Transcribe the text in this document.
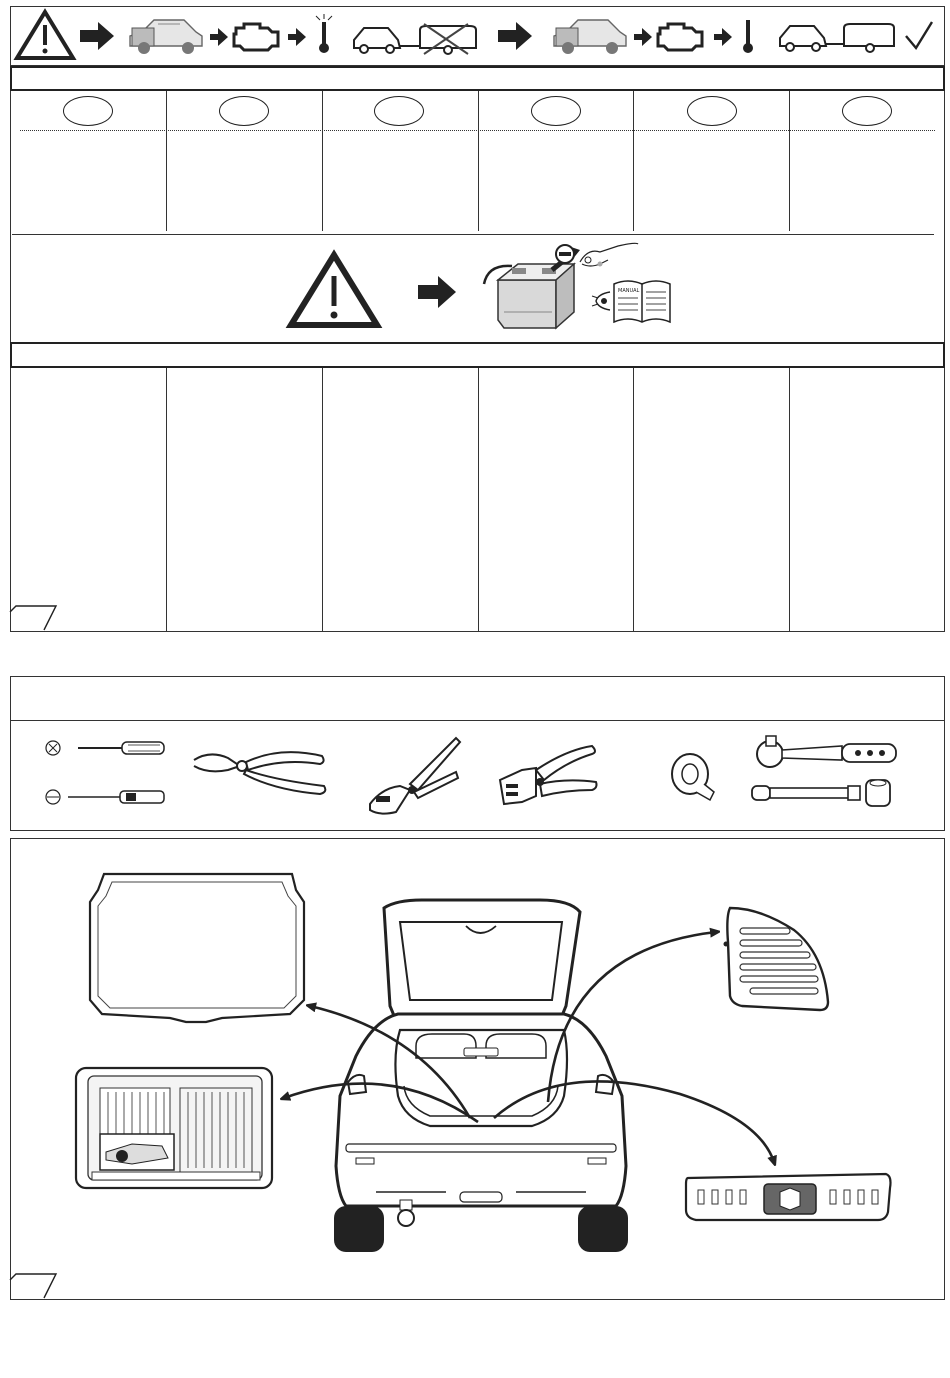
MANUAL
